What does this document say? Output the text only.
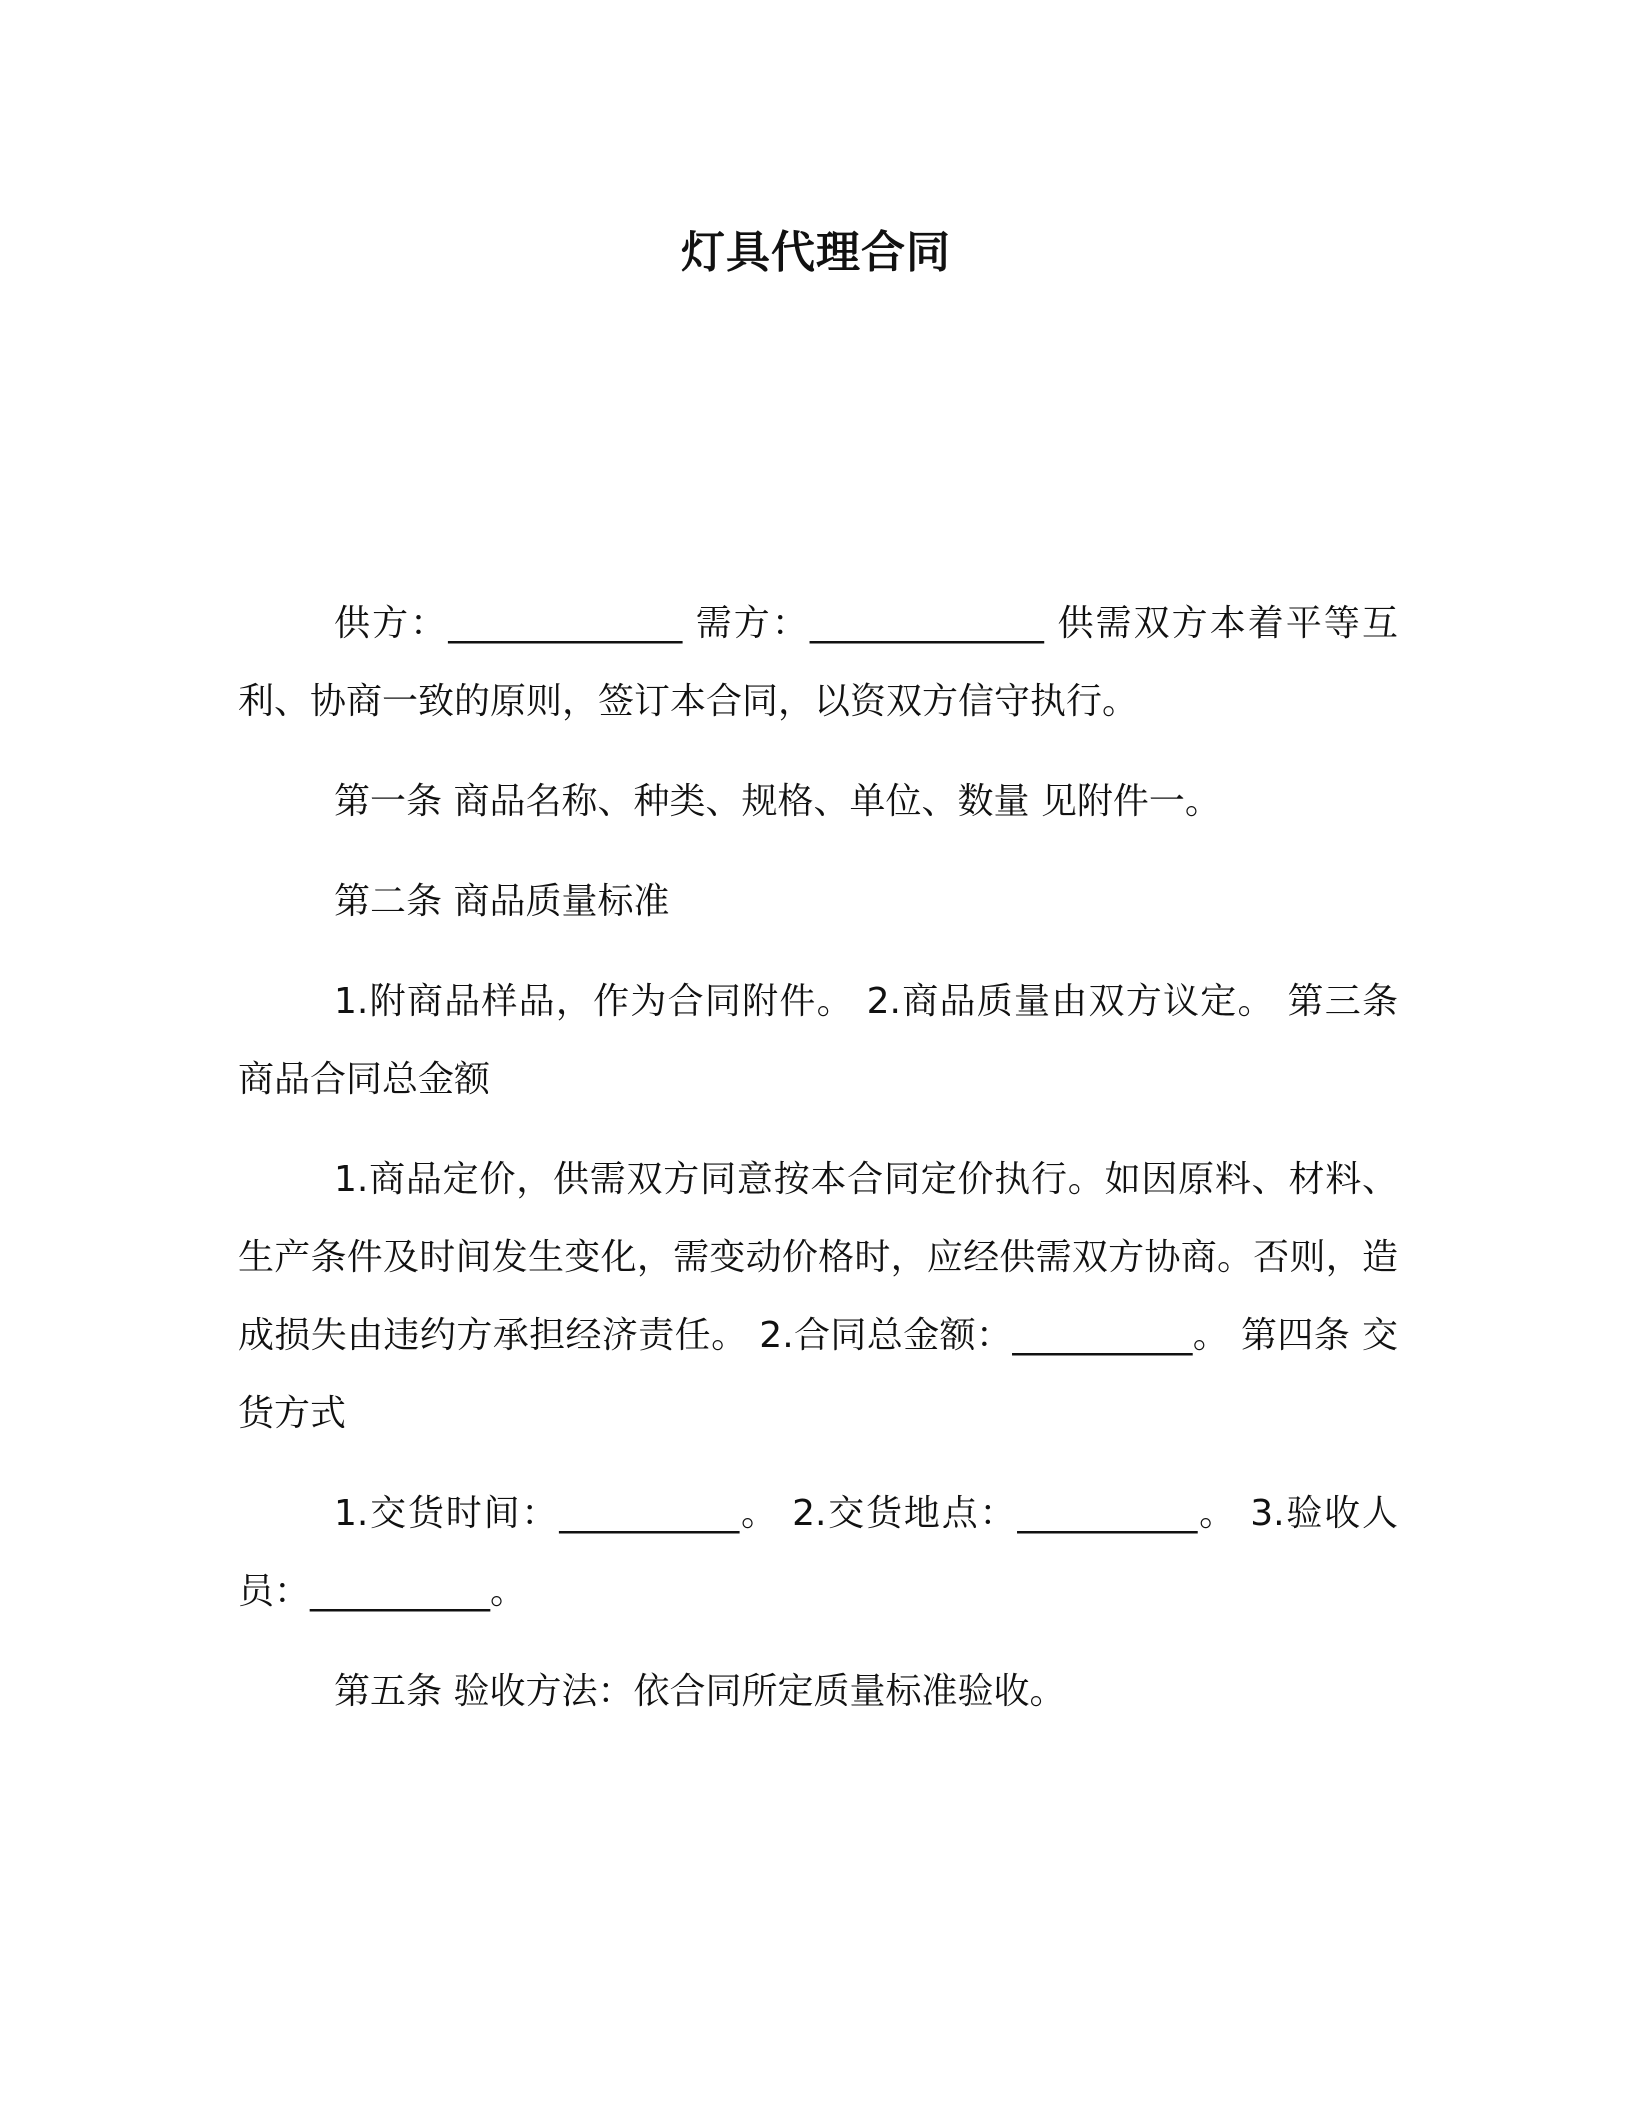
灯具代理合同

供方：_____________ 需方：_____________ 供需双方本着平等互利、协商一致的原则，签订本合同，以资双方信守执行。

第一条 商品名称、种类、规格、单位、数量 见附件一。

第二条 商品质量标准

1.附商品样品，作为合同附件。 2.商品质量由双方议定。 第三条 商品合同总金额

1.商品定价，供需双方同意按本合同定价执行。如因原料、材料、生产条件及时间发生变化，需变动价格时，应经供需双方协商。否则，造成损失由违约方承担经济责任。 2.合同总金额：__________。 第四条 交货方式

1.交货时间：__________。 2.交货地点：__________。 3.验收人员：__________。

第五条 验收方法：依合同所定质量标准验收。
